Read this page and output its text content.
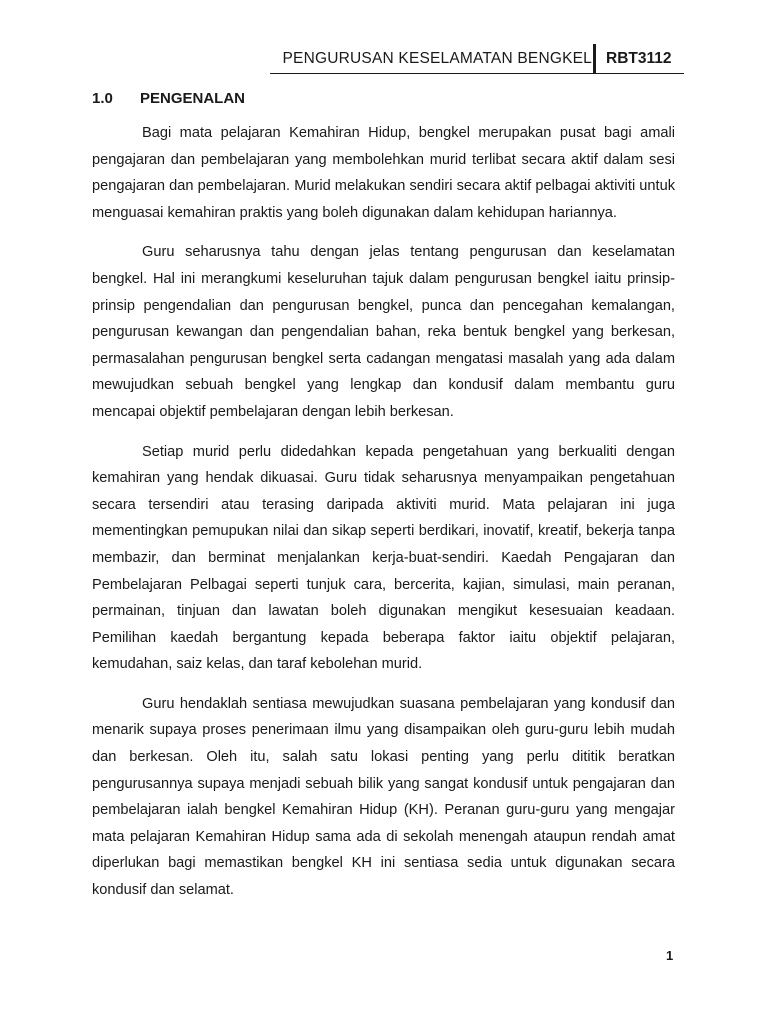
PENGURUSAN KESELAMATAN BENGKEL RBT3112
1.0 PENGENALAN

Bagi mata pelajaran Kemahiran Hidup, bengkel merupakan pusat bagi amali pengajaran dan pembelajaran yang membolehkan murid terlibat secara aktif dalam sesi pengajaran dan pembelajaran. Murid melakukan sendiri secara aktif pelbagai aktiviti untuk menguasai kemahiran praktis yang boleh digunakan dalam kehidupan hariannya.

Guru seharusnya tahu dengan jelas tentang pengurusan dan keselamatan bengkel. Hal ini merangkumi keseluruhan tajuk dalam pengurusan bengkel iaitu prinsip-prinsip pengendalian dan pengurusan bengkel, punca dan pencegahan kemalangan, pengurusan kewangan dan pengendalian bahan, reka bentuk bengkel yang berkesan, permasalahan pengurusan bengkel serta cadangan mengatasi masalah yang ada dalam mewujudkan sebuah bengkel yang lengkap dan kondusif dalam membantu guru mencapai objektif pembelajaran dengan lebih berkesan.

Setiap murid perlu didedahkan kepada pengetahuan yang berkualiti dengan kemahiran yang hendak dikuasai. Guru tidak seharusnya menyampaikan pengetahuan secara tersendiri atau terasing daripada aktiviti murid. Mata pelajaran ini juga mementingkan pemupukan nilai dan sikap seperti berdikari, inovatif, kreatif, bekerja tanpa membazir, dan berminat menjalankan kerja-buat-sendiri. Kaedah Pengajaran dan Pembelajaran Pelbagai seperti tunjuk cara, bercerita, kajian, simulasi, main peranan, permainan, tinjuan dan lawatan boleh digunakan mengikut kesesuaian keadaan. Pemilihan kaedah bergantung kepada beberapa faktor iaitu objektif pelajaran, kemudahan, saiz kelas, dan taraf kebolehan murid.

Guru hendaklah sentiasa mewujudkan suasana pembelajaran yang kondusif dan menarik supaya proses penerimaan ilmu yang disampaikan oleh guru-guru lebih mudah dan berkesan. Oleh itu, salah satu lokasi penting yang perlu dititik beratkan pengurusannya supaya menjadi sebuah bilik yang sangat kondusif untuk pengajaran dan pembelajaran ialah bengkel Kemahiran Hidup (KH). Peranan guru-guru yang mengajar mata pelajaran Kemahiran Hidup sama ada di sekolah menengah ataupun rendah amat diperlukan bagi memastikan bengkel KH ini sentiasa sedia untuk digunakan secara kondusif dan selamat.

1
